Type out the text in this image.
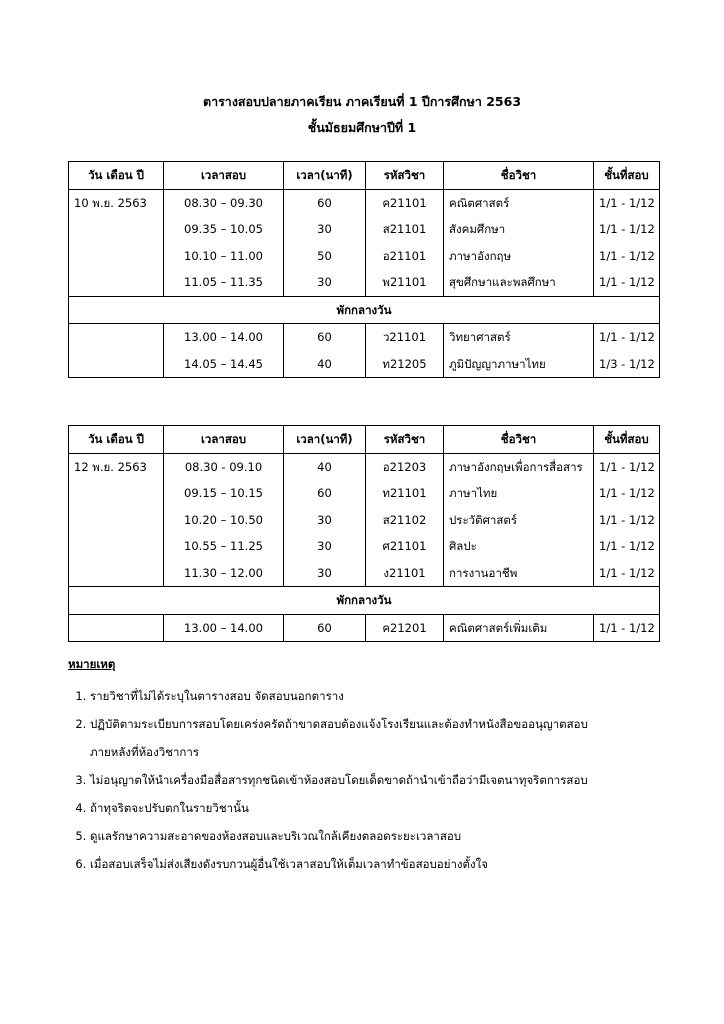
ตารางสอบปลายภาคเรียน ภาคเรียนที่ 1 ปีการศึกษา 2563
ชั้นมัธยมศึกษาปีที่ 1
วัน เดือน ปี	เวลาสอบ	เวลา(นาที)	รหัสวิชา	ชื่อวิชา	ชั้นที่สอบ
10 พ.ย. 2563	08.30 – 09.30	60	ค21101	คณิตศาสตร์	1/1 - 1/12
	09.35 – 10.05	30	ส21101	สังคมศึกษา	1/1 - 1/12
	10.10 – 11.00	50	อ21101	ภาษาอังกฤษ	1/1 - 1/12
	11.05 – 11.35	30	พ21101	สุขศึกษาและพลศึกษา	1/1 - 1/12
พักกลางวัน					
	13.00 – 14.00	60	ว21101	วิทยาศาสตร์	1/1 - 1/12
	14.05 – 14.45	40	ท21205	ภูมิปัญญาภาษาไทย	1/3 - 1/12
วัน เดือน ปี	เวลาสอบ	เวลา(นาที)	รหัสวิชา	ชื่อวิชา	ชั้นที่สอบ
12 พ.ย. 2563	08.30 - 09.10	40	อ21203	ภาษาอังกฤษเพื่อการสื่อสาร	1/1 - 1/12
	09.15 – 10.15	60	ท21101	ภาษาไทย	1/1 - 1/12
	10.20 – 10.50	30	ส21102	ประวัติศาสตร์	1/1 - 1/12
	10.55 – 11.25	30	ศ21101	ศิลปะ	1/1 - 1/12
	11.30 – 12.00	30	ง21101	การงานอาชีพ	1/1 - 1/12
พักกลางวัน					
	13.00 – 14.00	60	ค21201	คณิตศาสตร์เพิ่มเติม	1/1 - 1/12
หมายเหตุ
1. รายวิชาที่ไม่ได้ระบุในตารางสอบ จัดสอบนอกตาราง
2. ปฏิบัติตามระเบียบการสอบโดยเคร่งครัดถ้าขาดสอบต้องแจ้งโรงเรียนและต้องทำหนังสือขออนุญาตสอบ
ภายหลังที่ห้องวิชาการ
3. ไม่อนุญาตให้นำเครื่องมือสื่อสารทุกชนิดเข้าห้องสอบโดยเด็ดขาดถ้านำเข้าถือว่ามีเจตนาทุจริตการสอบ
4. ถ้าทุจริตจะปรับตกในรายวิชานั้น
5. ดูแลรักษาความสะอาดของห้องสอบและบริเวณใกล้เคียงตลอดระยะเวลาสอบ
6. เมื่อสอบเสร็จไม่ส่งเสียงดังรบกวนผู้อื่นใช้เวลาสอบให้เต็มเวลาทำข้อสอบอย่างตั้งใจ
